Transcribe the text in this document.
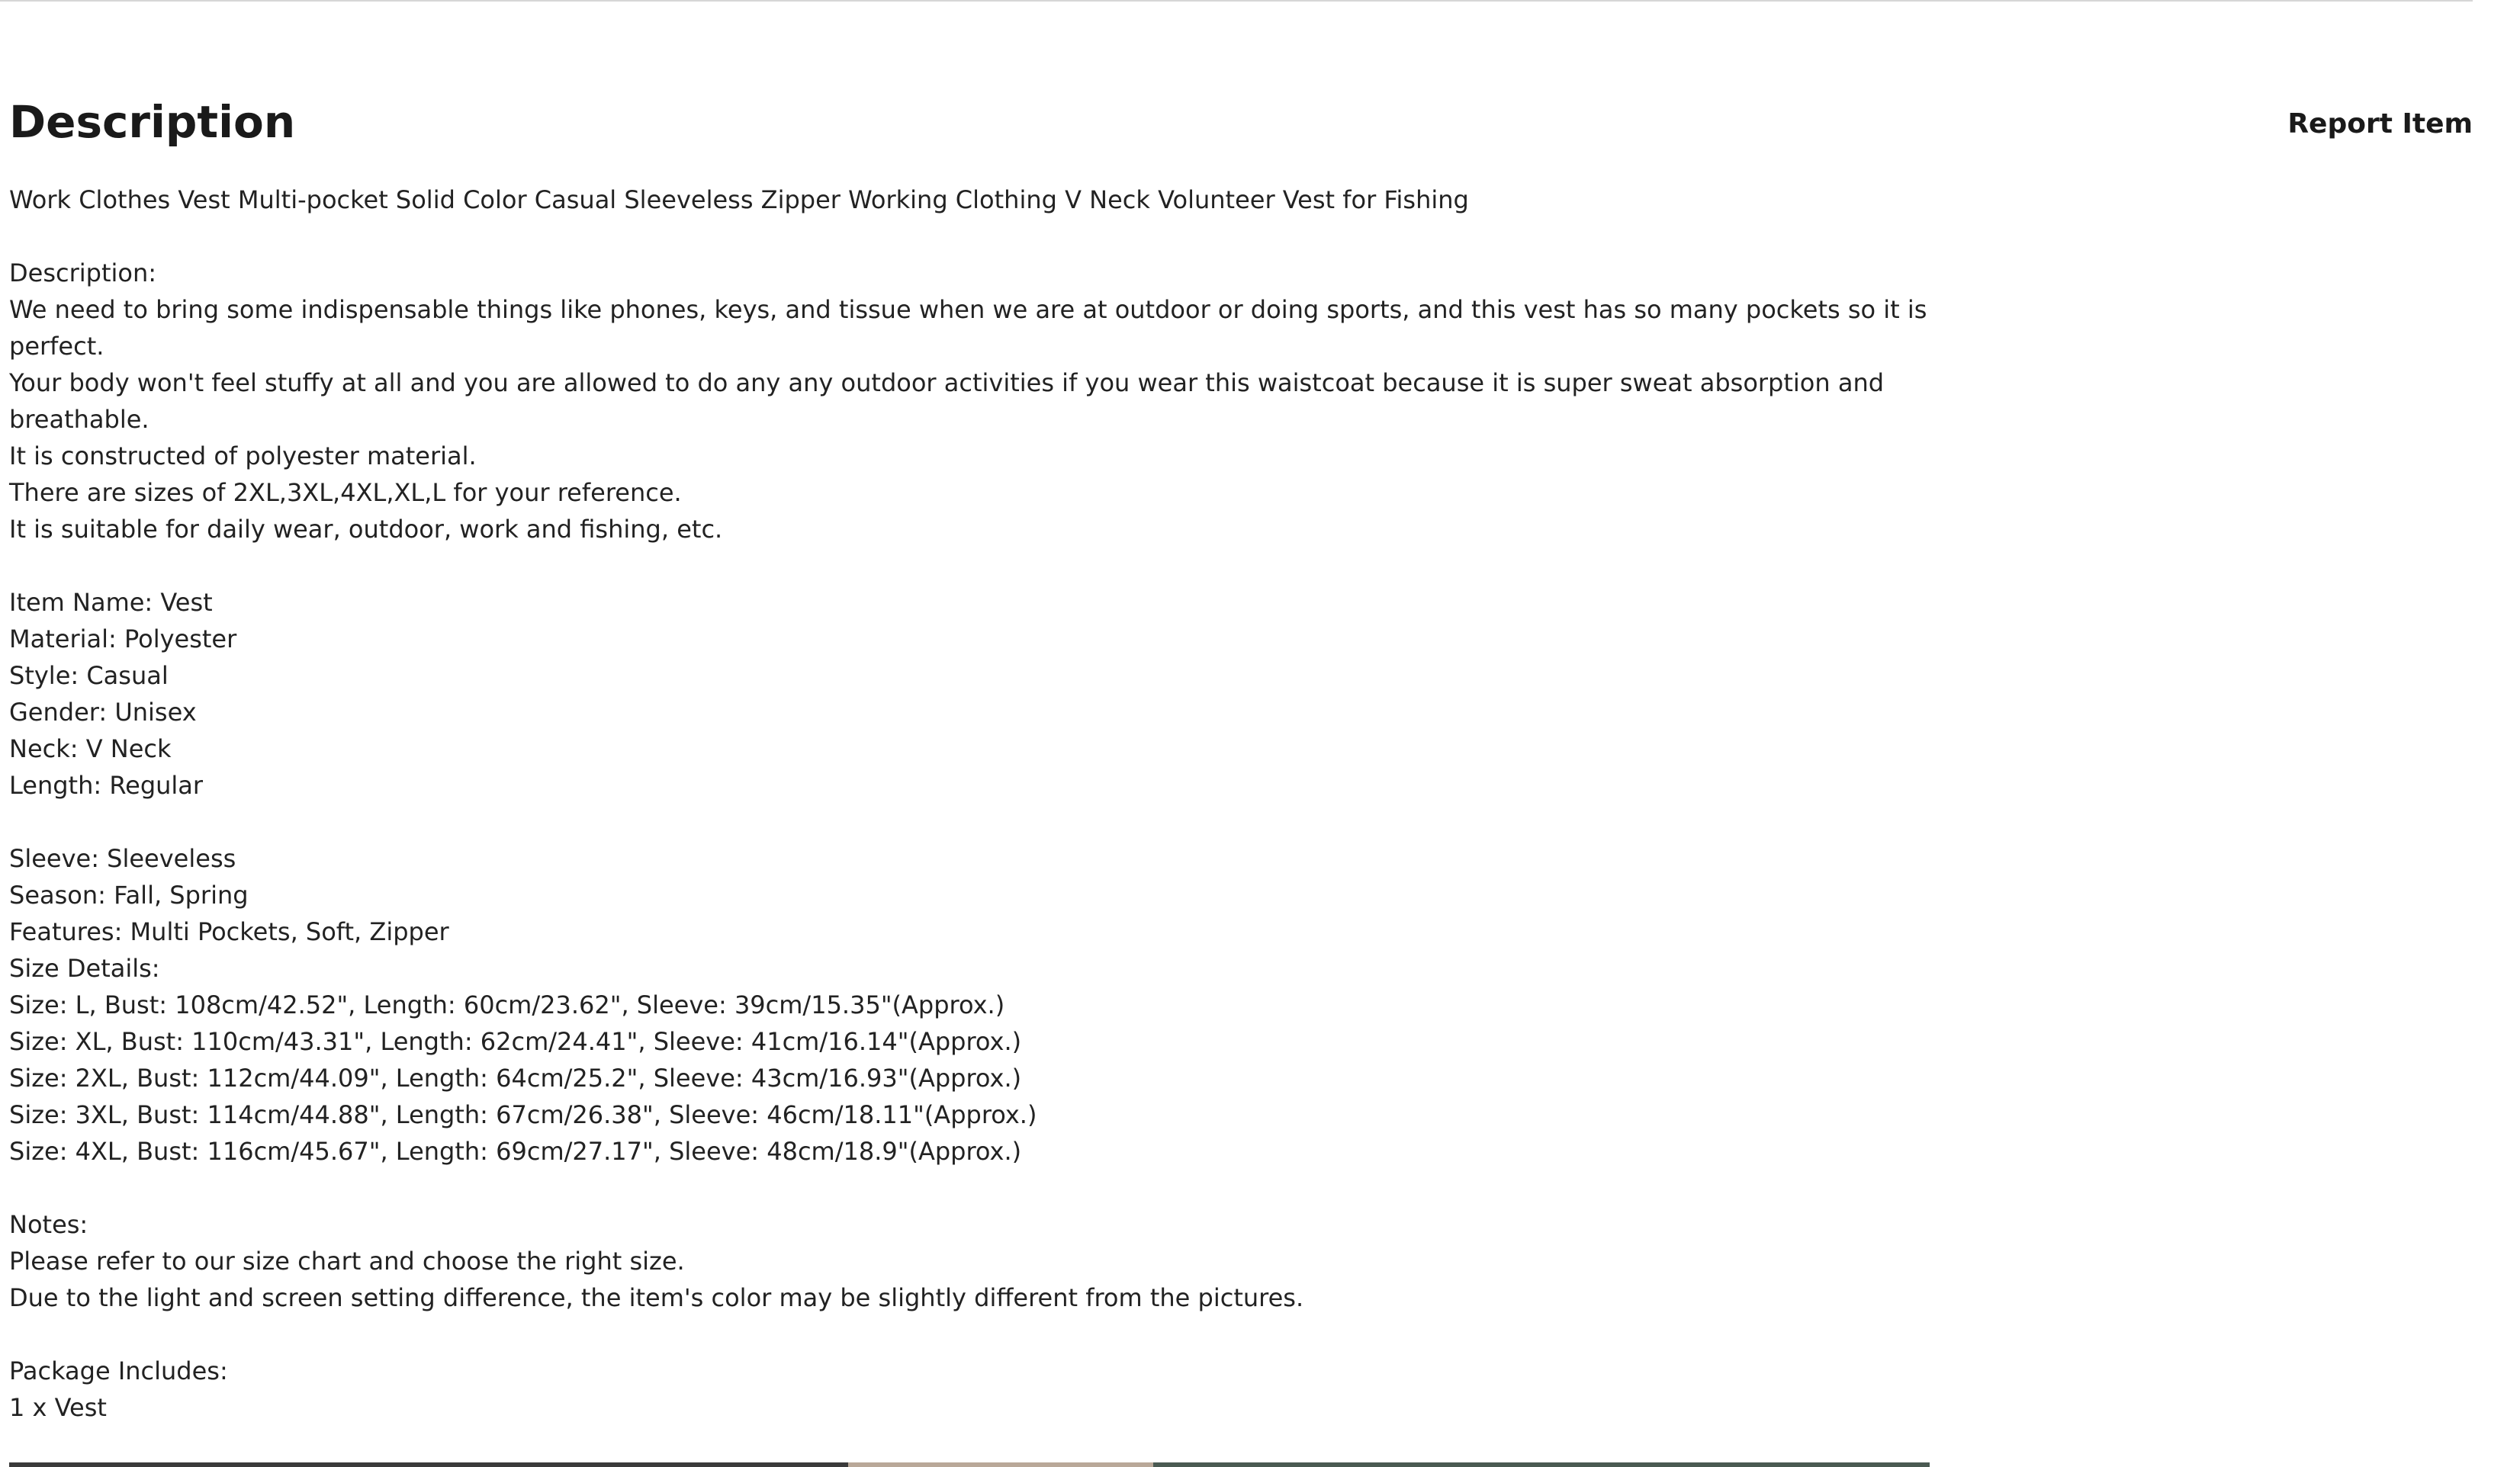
Description	Report Item
Work Clothes Vest Multi-pocket Solid Color Casual Sleeveless Zipper Working Clothing V Neck Volunteer Vest for Fishing
Description:
We need to bring some indispensable things like phones, keys, and tissue when we are at outdoor or doing sports, and this vest has so many pockets so it is perfect.
Your body won't feel stuffy at all and you are allowed to do any any outdoor activities if you wear this waistcoat because it is super sweat absorption and breathable.
It is constructed of polyester material.
There are sizes of 2XL,3XL,4XL,XL,L for your reference.
It is suitable for daily wear, outdoor, work and fishing, etc.
Item Name: Vest
Material: Polyester
Style: Casual
Gender: Unisex
Neck: V Neck
Length: Regular
Sleeve: Sleeveless
Season: Fall, Spring
Features: Multi Pockets, Soft, Zipper
Size Details:
Size: L, Bust: 108cm/42.52", Length: 60cm/23.62", Sleeve: 39cm/15.35"(Approx.)
Size: XL, Bust: 110cm/43.31", Length: 62cm/24.41", Sleeve: 41cm/16.14"(Approx.)
Size: 2XL, Bust: 112cm/44.09", Length: 64cm/25.2", Sleeve: 43cm/16.93"(Approx.)
Size: 3XL, Bust: 114cm/44.88", Length: 67cm/26.38", Sleeve: 46cm/18.11"(Approx.)
Size: 4XL, Bust: 116cm/45.67", Length: 69cm/27.17", Sleeve: 48cm/18.9"(Approx.)
Notes:
Please refer to our size chart and choose the right size.
Due to the light and screen setting difference, the item's color may be slightly different from the pictures.
Package Includes:
1 x Vest
